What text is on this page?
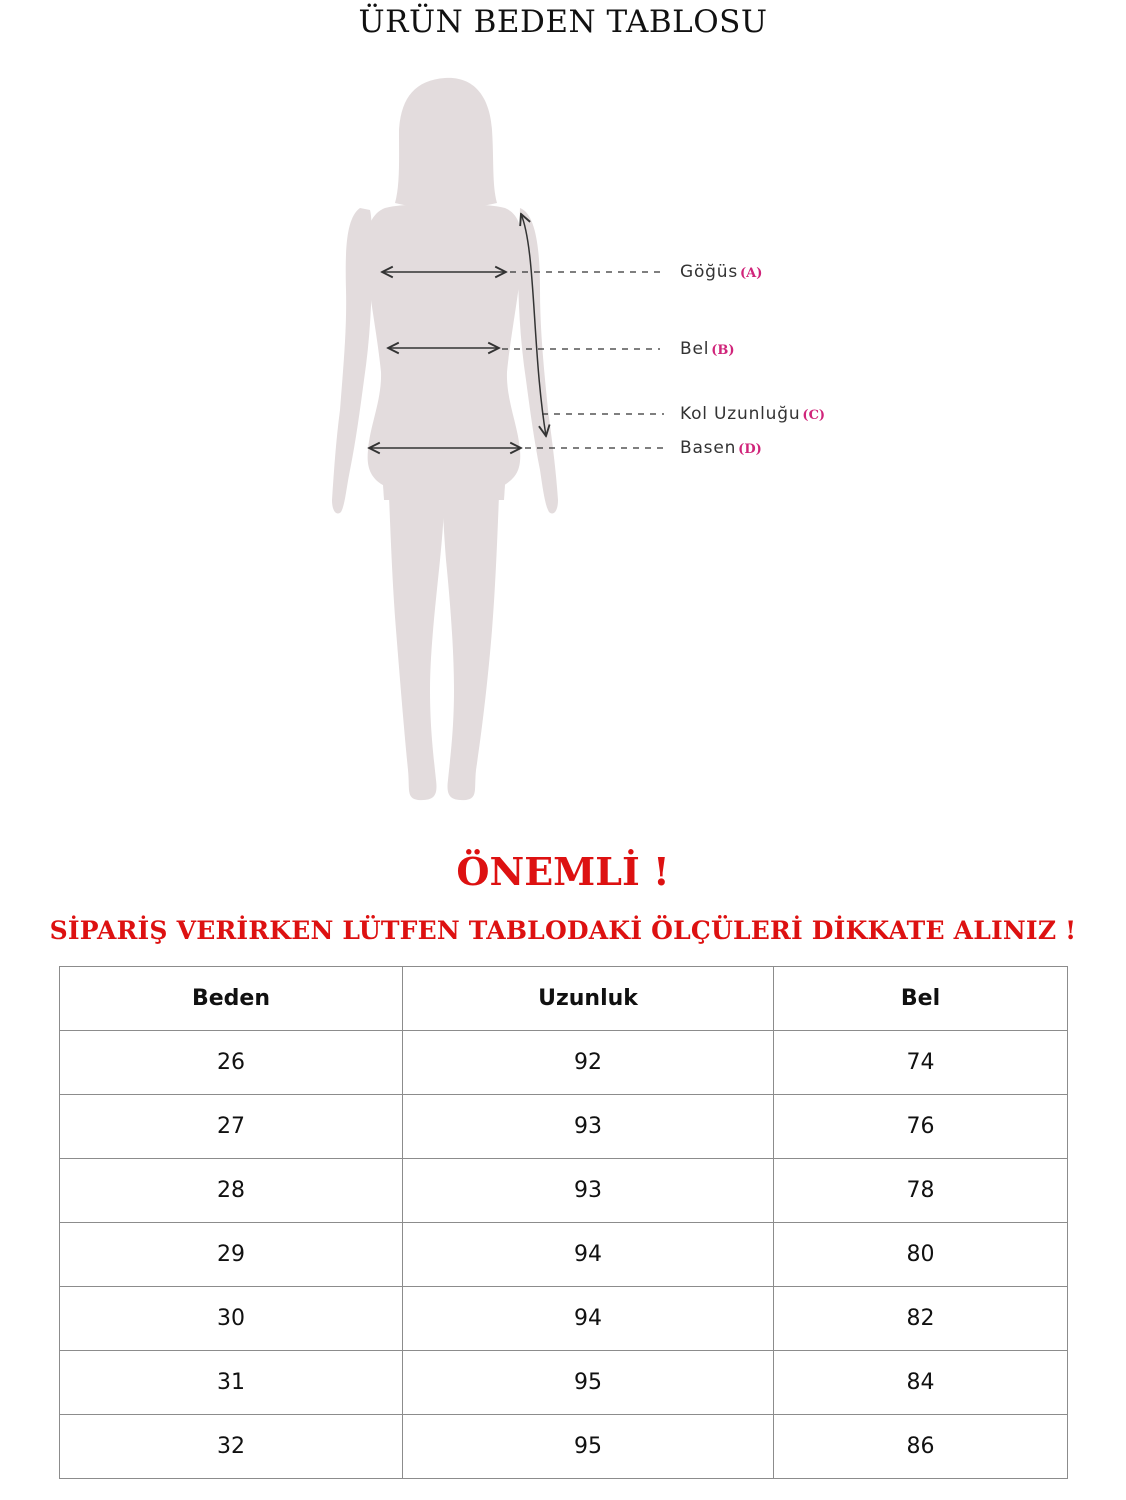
ÜRÜN BEDEN TABLOSU
Göğüs (A)
Bel (B)
Kol Uzunluğu (C)
Basen (D)
ÖNEMLİ !
SİPARİŞ VERİRKEN LÜTFEN TABLODAKİ ÖLÇÜLERİ DİKKATE ALINIZ !
Beden	Uzunluk	Bel
26	92	74
27	93	76
28	93	78
29	94	80
30	94	82
31	95	84
32	95	86
